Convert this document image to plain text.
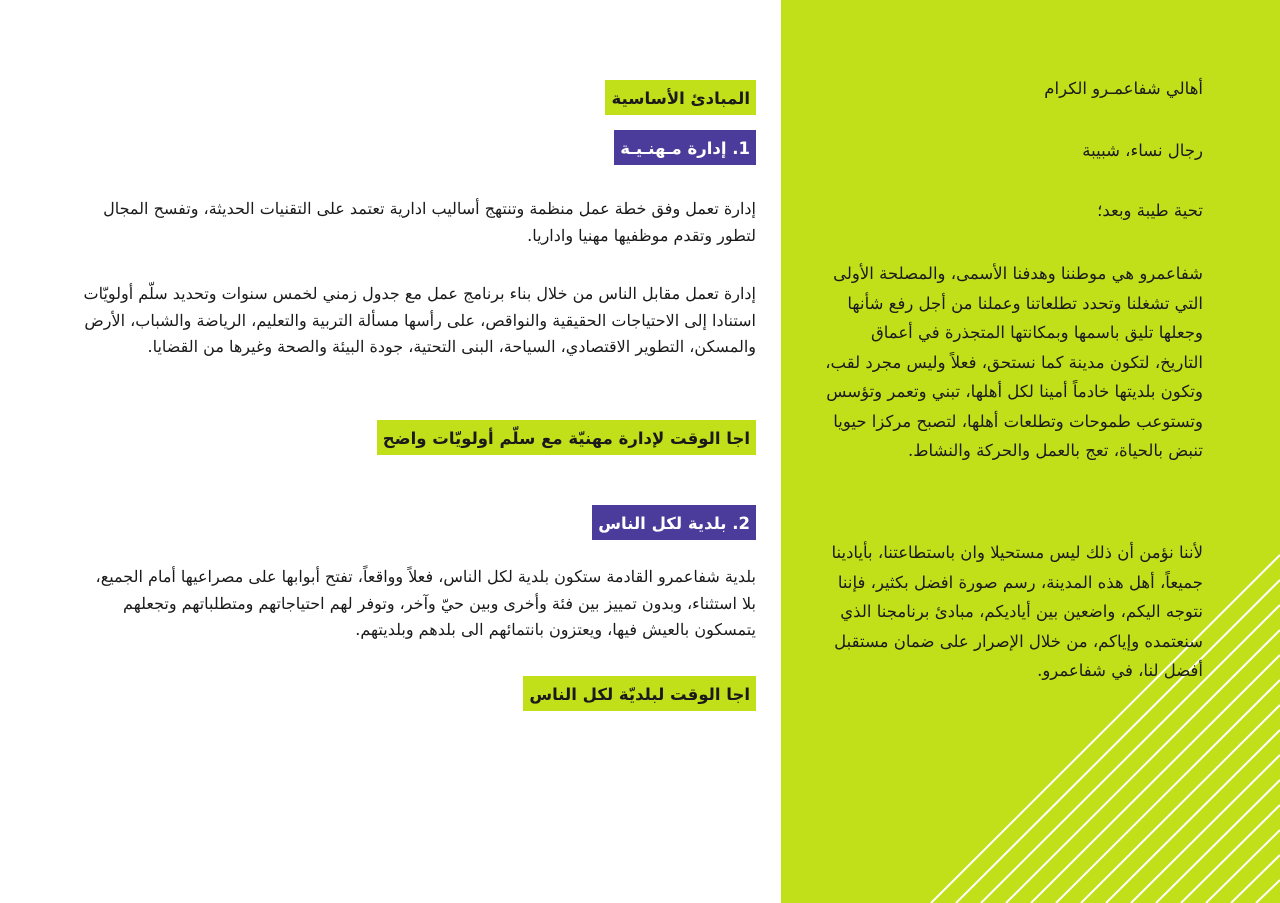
أهالي شفاعمـرو الكرام
رجال نساء، شبيبة
تحية طيبة وبعد؛
شفاعمرو هي موطننا وهدفنا الأسمى، والمصلحة الأولى التي تشغلنا وتحدد تطلعاتنا وعملنا من أجل رفع شأنها وجعلها تليق باسمها وبمكانتها المتجذرة في أعماق التاريخ، لتكون مدينة كما نستحق، فعلاً وليس مجرد لقب، وتكون بلديتها خادماً أمينا لكل أهلها، تبني وتعمر وتؤسس وتستوعب طموحات وتطلعات أهلها، لتصبح مركزا حيويا تنبض بالحياة، تعج بالعمل والحركة والنشاط.
لأننا نؤمن أن ذلك ليس مستحيلا وان باستطاعتنا، بأيادينا جميعاً، أهل هذه المدينة، رسم صورة افضل بكثير، فإننا نتوجه اليكم، واضعين بين أياديكم، مبادئ برنامجنا الذي سنعتمده وإياكم، من خلال الإصرار على ضمان مستقبل أفضل لنا، في شفاعمرو.
المبادئ الأساسية
1. إدارة مـهنـيـة
إدارة تعمل وفق خطة عمل منظمة وتنتهج أساليب ادارية تعتمد على التقنيات الحديثة، وتفسح المجال لتطور وتقدم موظفيها مهنيا واداريا.
إدارة تعمل مقابل الناس من خلال بناء برنامج عمل مع جدول زمني لخمس سنوات وتحديد سلّم أولويّات استنادا إلى الاحتياجات الحقيقية والنواقص، على رأسها مسألة التربية والتعليم، الرياضة والشباب، الأرض والمسكن، التطوير الاقتصادي، السياحة، البنى التحتية، جودة البيئة والصحة وغيرها من القضايا.
اجا الوقت لإدارة مهنيّة مع سلّم أولويّات واضح
2. بلدية لكل الناس
بلدية شفاعمرو القادمة ستكون بلدية لكل الناس، فعلاً وواقعاً، تفتح أبوابها على مصراعيها أمام الجميع، بلا استثناء، وبدون تمييز بين فئة وأخرى وبين حيّ وآخر، وتوفر لهم احتياجاتهم ومتطلباتهم وتجعلهم يتمسكون بالعيش فيها، ويعتزون بانتمائهم الى بلدهم وبلديتهم.
اجا الوقت لبلديّة لكل الناس
